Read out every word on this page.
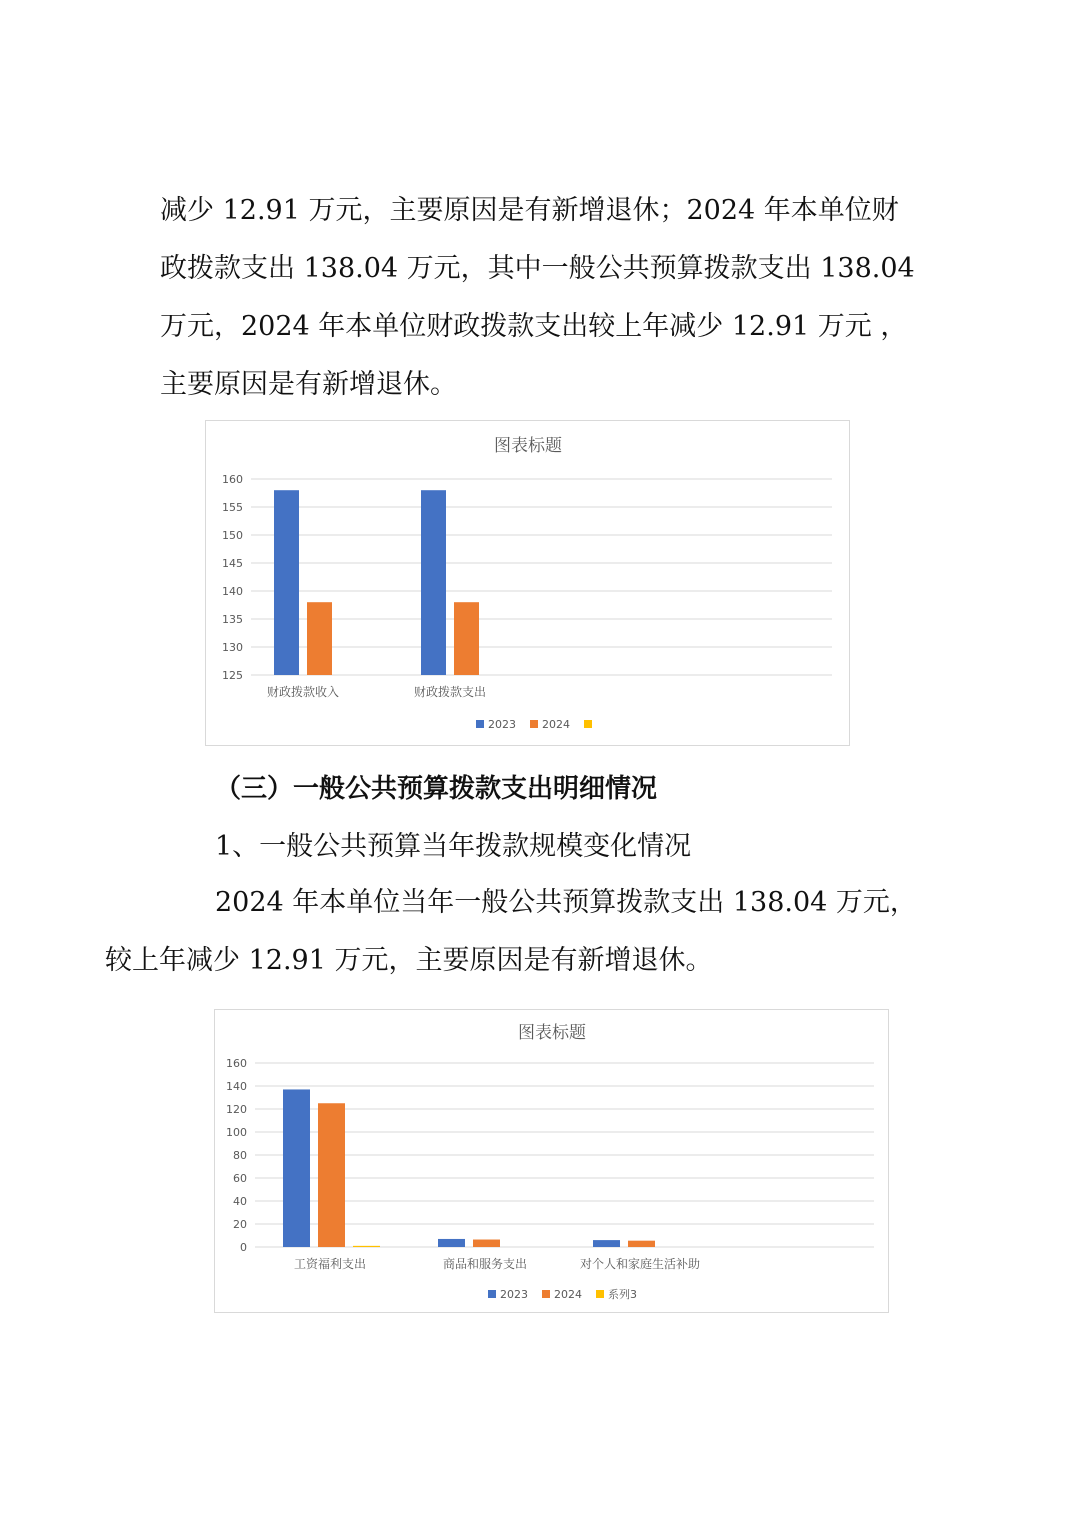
减少 12.91 万元，主要原因是有新增退休；2024 年本单位财
政拨款支出 138.04 万元，其中一般公共预算拨款支出 138.04
万元，2024 年本单位财政拨款支出较上年减少 12.91 万元 ，
主要原因是有新增退休。
图表标题
125
130
135
140
145
150
155
160
财政拨款收入	财政拨款支出
2023 2024

（三）一般公共预算拨款支出明细情况

1、一般公共预算当年拨款规模变化情况

2024 年本单位当年一般公共预算拨款支出 138.04 万元，
较上年减少 12.91 万元，主要原因是有新增退休。
图表标题
0
20
40
60
80
100
120
140
160
工资福利支出	商品和服务支出	对个人和家庭生活补助
2023 2024 系列3
